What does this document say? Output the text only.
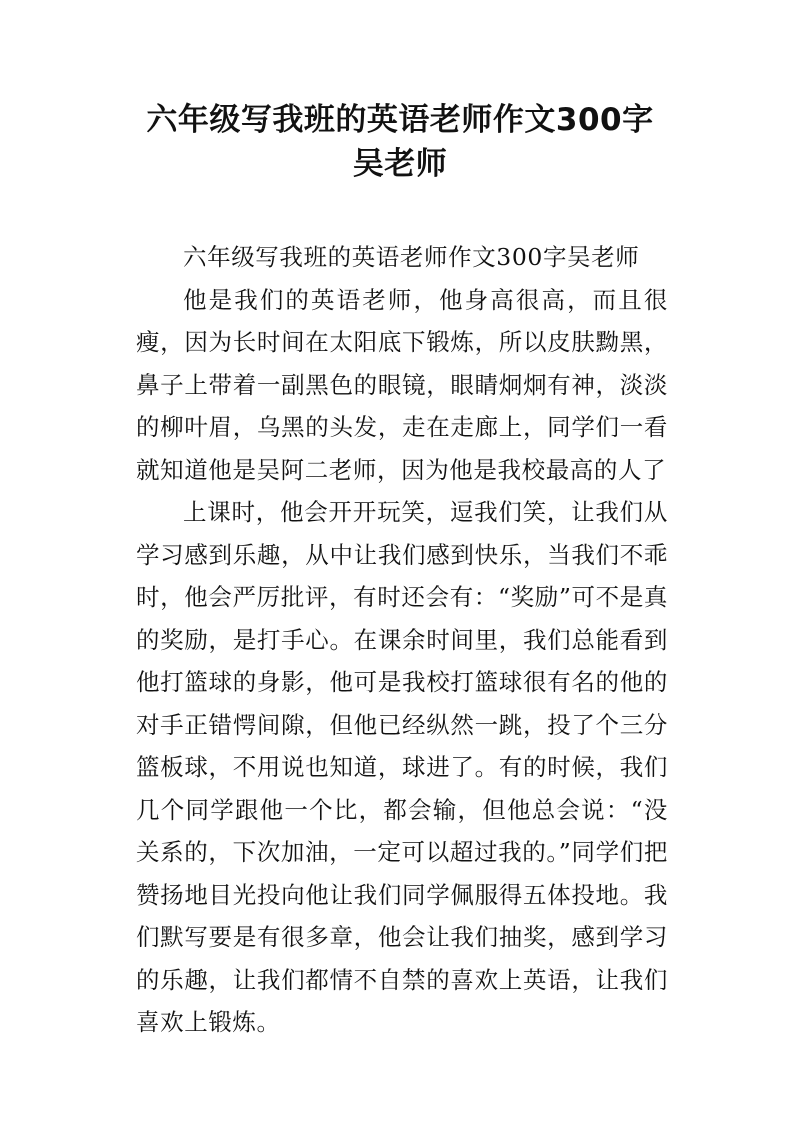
六年级写我班的英语老师作文300字
吴老师

六年级写我班的英语老师作文300字吴老师

他是我们的英语老师，他身高很高，而且很瘦，因为长时间在太阳底下锻炼，所以皮肤黝黑，鼻子上带着一副黑色的眼镜，眼睛炯炯有神，淡淡的柳叶眉，乌黑的头发，走在走廊上，同学们一看就知道他是吴阿二老师，因为他是我校最高的人了

上课时，他会开开玩笑，逗我们笑，让我们从学习感到乐趣，从中让我们感到快乐，当我们不乖时，他会严厉批评，有时还会有：“奖励”可不是真的奖励，是打手心。在课余时间里，我们总能看到他打篮球的身影，他可是我校打篮球很有名的他的对手正错愕间隙，但他已经纵然一跳，投了个三分篮板球，不用说也知道，球进了。有的时候，我们几个同学跟他一个比，都会输，但他总会说：“没关系的，下次加油，一定可以超过我的。”同学们把赞扬地目光投向他让我们同学佩服得五体投地。我们默写要是有很多章，他会让我们抽奖，感到学习的乐趣，让我们都情不自禁的喜欢上英语，让我们喜欢上锻炼。
